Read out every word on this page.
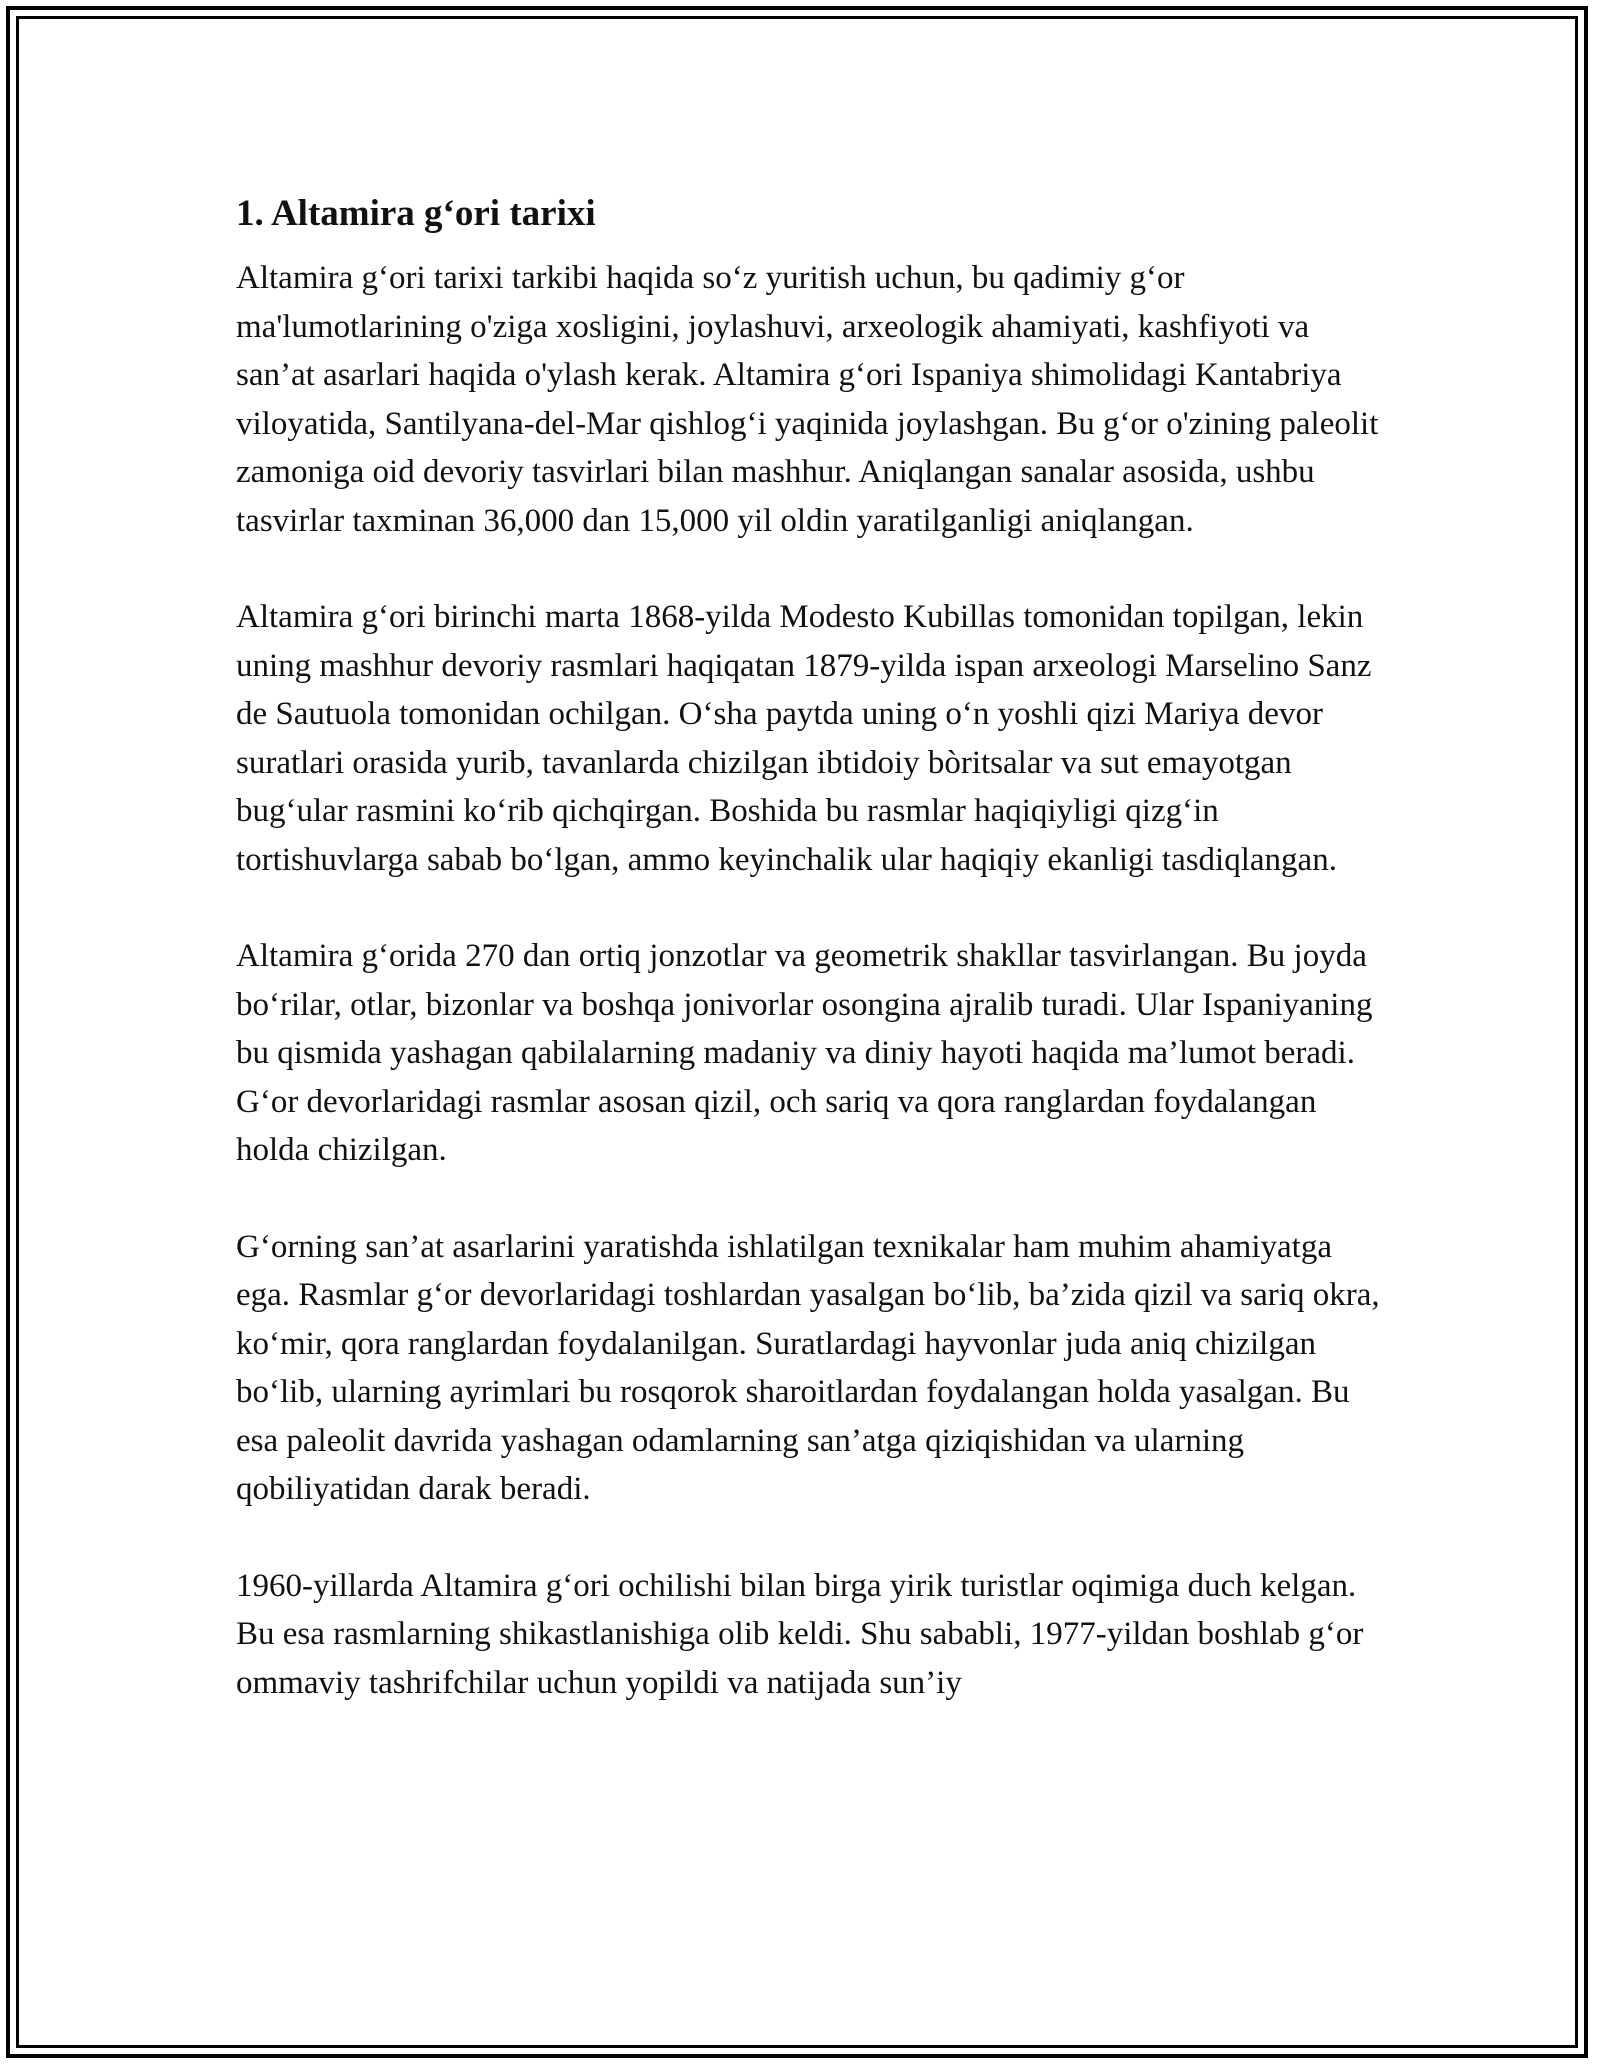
1. Altamira g‘ori tarixi

Altamira g‘ori tarixi tarkibi haqida so‘z yuritish uchun, bu qadimiy g‘or ma'lumotlarining o'ziga xosligini, joylashuvi, arxeologik ahamiyati, kashfiyoti va san’at asarlari haqida o'ylash kerak. Altamira g‘ori Ispaniya shimolidagi Kantabriya viloyatida, Santilyana-del-Mar qishlog‘i yaqinida joylashgan. Bu g‘or o'zining paleolit zamoniga oid devoriy tasvirlari bilan mashhur. Aniqlangan sanalar asosida, ushbu tasvirlar taxminan 36,000 dan 15,000 yil oldin yaratilganligi aniqlangan.

Altamira g‘ori birinchi marta 1868-yilda Modesto Kubillas tomonidan topilgan, lekin uning mashhur devoriy rasmlari haqiqatan 1879-yilda ispan arxeologi Marselino Sanz de Sautuola tomonidan ochilgan. O‘sha paytda uning o‘n yoshli qizi Mariya devor suratlari orasida yurib, tavanlarda chizilgan ibtidoiy bòritsalar va sut emayotgan bug‘ular rasmini ko‘rib qichqirgan. Boshida bu rasmlar haqiqiyligi qizg‘in tortishuvlarga sabab bo‘lgan, ammo keyinchalik ular haqiqiy ekanligi tasdiqlangan.

Altamira g‘orida 270 dan ortiq jonzotlar va geometrik shakllar tasvirlangan. Bu joyda bo‘rilar, otlar, bizonlar va boshqa jonivorlar osongina ajralib turadi. Ular Ispaniyaning bu qismida yashagan qabilalarning madaniy va diniy hayoti haqida ma’lumot beradi. G‘or devorlaridagi rasmlar asosan qizil, och sariq va qora ranglardan foydalangan holda chizilgan.

G‘orning san’at asarlarini yaratishda ishlatilgan texnikalar ham muhim ahamiyatga ega. Rasmlar g‘or devorlaridagi toshlardan yasalgan bo‘lib, ba’zida qizil va sariq okra, ko‘mir, qora ranglardan foydalanilgan. Suratlardagi hayvonlar juda aniq chizilgan bo‘lib, ularning ayrimlari bu rosqorok sharoitlardan foydalangan holda yasalgan. Bu esa paleolit davrida yashagan odamlarning san’atga qiziqishidan va ularning qobiliyatidan darak beradi.

1960-yillarda Altamira g‘ori ochilishi bilan birga yirik turistlar oqimiga duch kelgan. Bu esa rasmlarning shikastlanishiga olib keldi. Shu sababli, 1977-yildan boshlab g‘or ommaviy tashrifchilar uchun yopildi va natijada sun’iy
